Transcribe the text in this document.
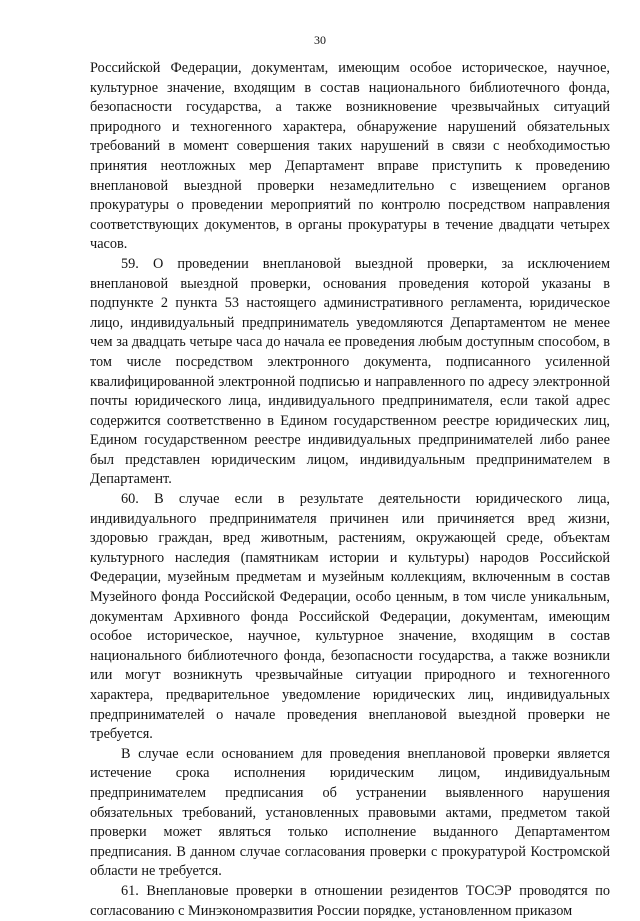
30

Российской Федерации, документам, имеющим особое историческое, научное, культурное значение, входящим в состав национального библиотечного фонда, безопасности государства, а также возникновение чрезвычайных ситуаций природного и техногенного характера, обнаружение нарушений обязательных требований в момент совершения таких нарушений в связи с необходимостью принятия неотложных мер Департамент вправе приступить к проведению внеплановой выездной проверки незамедлительно с извещением органов прокуратуры о проведении мероприятий по контролю посредством направления соответствующих документов, в органы прокуратуры в течение двадцати четырех часов.

59. О проведении внеплановой выездной проверки, за исключением внеплановой выездной проверки, основания проведения которой указаны в подпункте 2 пункта 53 настоящего административного регламента, юридическое лицо, индивидуальный предприниматель уведомляются Департаментом не менее чем за двадцать четыре часа до начала ее проведения любым доступным способом, в том числе посредством электронного документа, подписанного усиленной квалифицированной электронной подписью и направленного по адресу электронной почты юридического лица, индивидуального предпринимателя, если такой адрес содержится соответственно в Едином государственном реестре юридических лиц, Едином государственном реестре индивидуальных предпринимателей либо ранее был представлен юридическим лицом, индивидуальным предпринимателем в Департамент.

60. В случае если в результате деятельности юридического лица, индивидуального предпринимателя причинен или причиняется вред жизни, здоровью граждан, вред животным, растениям, окружающей среде, объектам культурного наследия (памятникам истории и культуры) народов Российской Федерации, музейным предметам и музейным коллекциям, включенным в состав Музейного фонда Российской Федерации, особо ценным, в том числе уникальным, документам Архивного фонда Российской Федерации, документам, имеющим особое историческое, научное, культурное значение, входящим в состав национального библиотечного фонда, безопасности государства, а также возникли или могут возникнуть чрезвычайные ситуации природного и техногенного характера, предварительное уведомление юридических лиц, индивидуальных предпринимателей о начале проведения внеплановой выездной проверки не требуется.

В случае если основанием для проведения внеплановой проверки является истечение срока исполнения юридическим лицом, индивидуальным предпринимателем предписания об устранении выявленного нарушения обязательных требований, установленных правовыми актами, предметом такой проверки может являться только исполнение выданного Департаментом предписания. В данном случае согласования проверки с прокуратурой Костромской области не требуется.

61. Внеплановые проверки в отношении резидентов ТОСЭР проводятся по согласованию с Минэкономразвития России порядке, установленном приказом
